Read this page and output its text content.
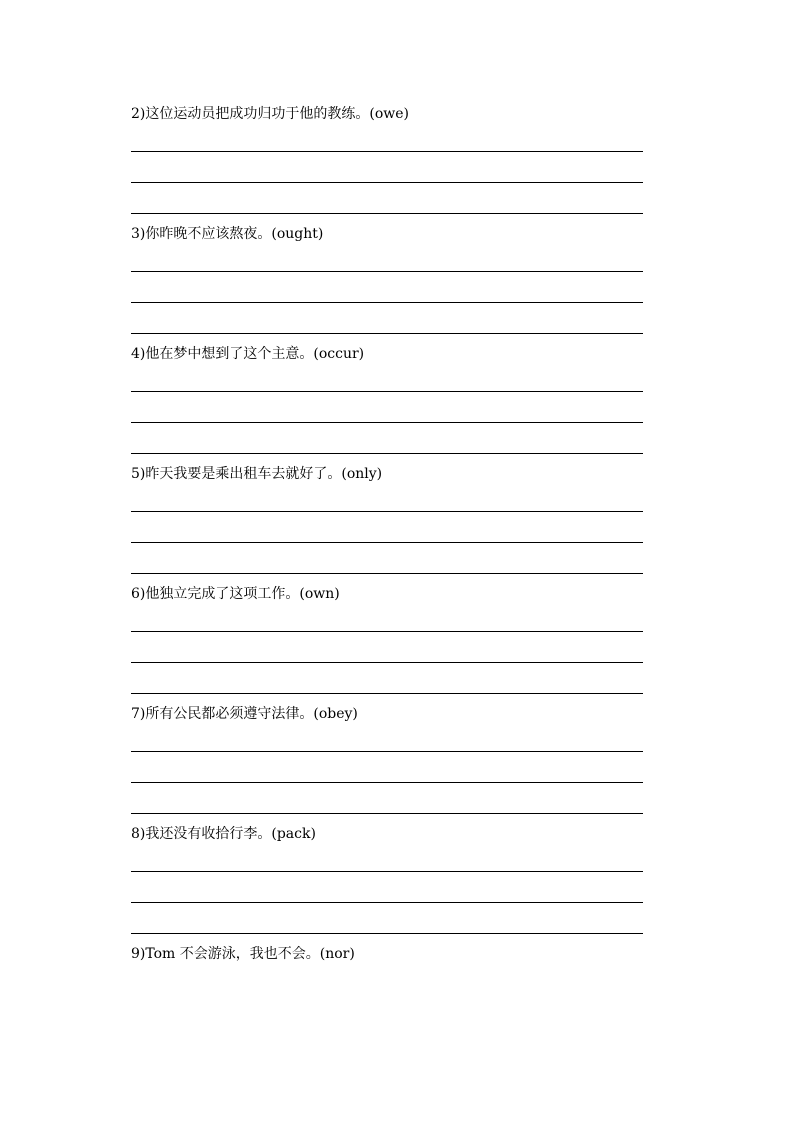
2)这位运动员把成功归功于他的教练。(owe)
3)你昨晚不应该熬夜。(ought)
4)他在梦中想到了这个主意。(occur)
5)昨天我要是乘出租车去就好了。(only)
6)他独立完成了这项工作。(own)
7)所有公民都必须遵守法律。(obey)
8)我还没有收拾行李。(pack)
9)Tom 不会游泳，我也不会。(nor)
